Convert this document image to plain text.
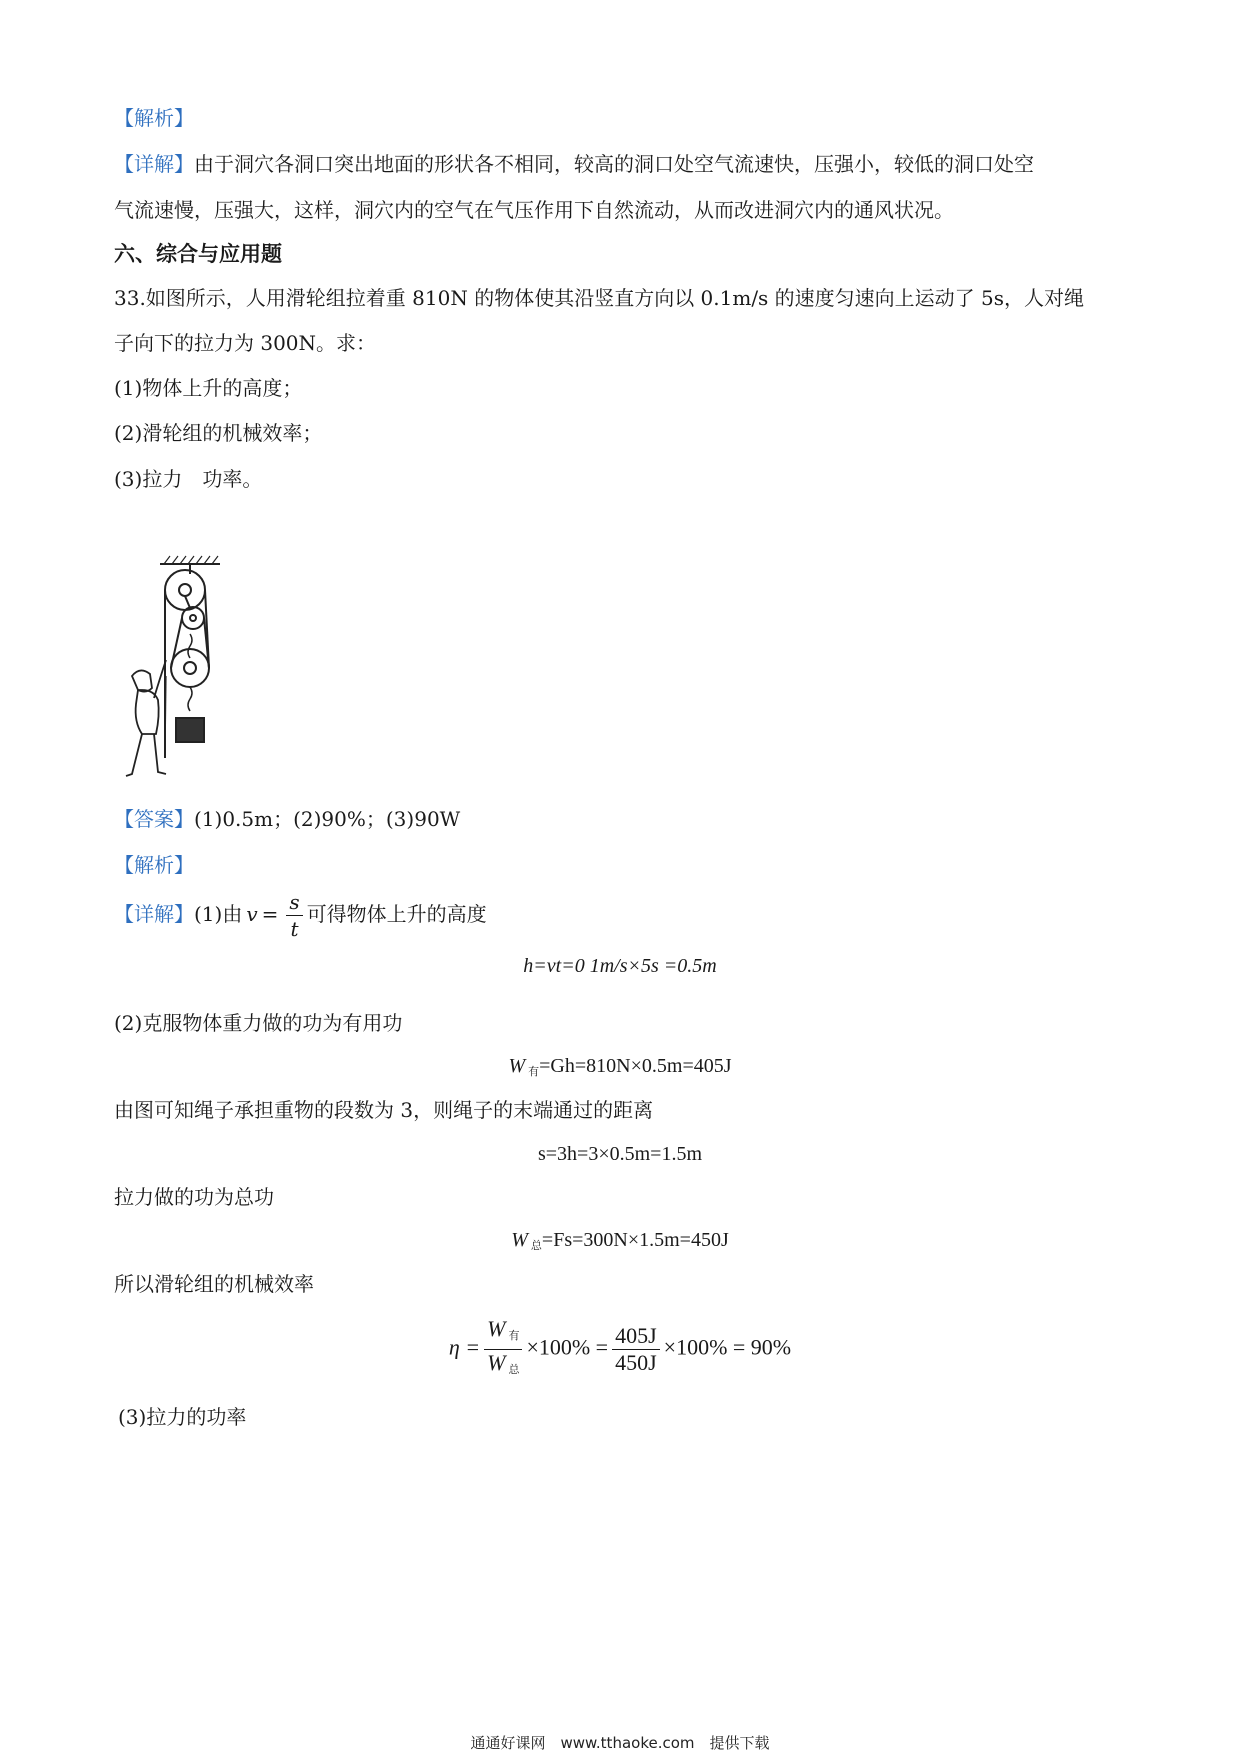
【解析】
【详解】由于洞穴各洞口突出地面的形状各不相同，较高的洞口处空气流速快，压强小，较低的洞口处空
气流速慢，压强大，这样，洞穴内的空气在气压作用下自然流动，从而改进洞穴内的通风状况。
六、综合与应用题
33.如图所示，人用滑轮组拉着重 810N 的物体使其沿竖直方向以 0.1m/s 的速度匀速向上运动了 5s，人对绳
子向下的拉力为 300N。求：
(1)物体上升的高度；
(2)滑轮组的机械效率；
(3)拉力　功率。
【答案】(1)0.5m；(2)90%；(3)90W
【解析】
【详解】(1)由 $v = \frac{s}{t}$ 可得物体上升的高度
h=vt=0 1m/s×5s =0.5m
(2)克服物体重力做的功为有用功
W $_有$=Gh=810N×0.5m=405J
由图可知绳子承担重物的段数为 3，则绳子的末端通过的距离
s=3h=3×0.5m=1.5m
拉力做的功为总功
W $_总$=Fs=300N×1.5m=450J
所以滑轮组的机械效率
$\eta = \frac{W _有}{W _总} \times 100\% = \frac{405J}{450J} \times 100\% = 90\%$
(3)拉力的功率
通通好课网　www.tthaoke.com　提供下载
